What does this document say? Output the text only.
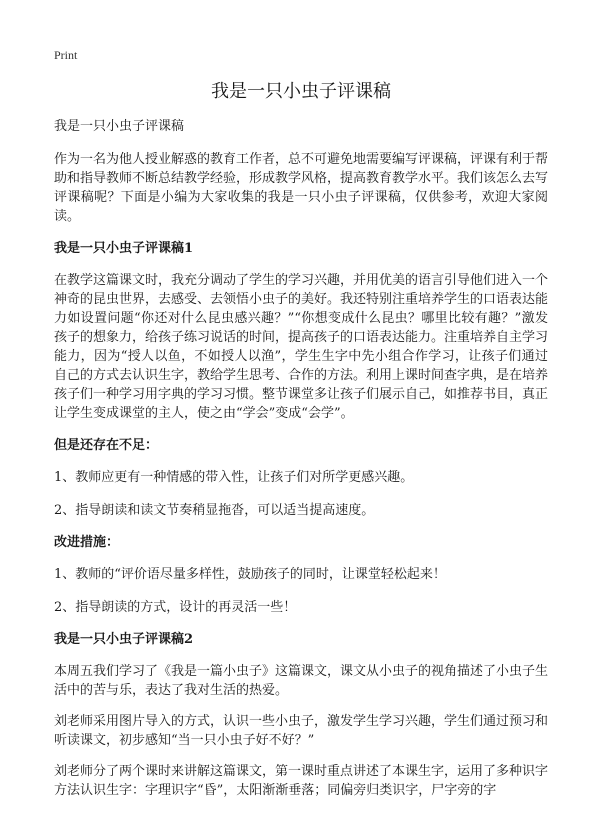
Print
我是一只小虫子评课稿
我是一只小虫子评课稿

作为一名为他人授业解惑的教育工作者，总不可避免地需要编写评课稿，评课有利于帮助和指导教师不断总结教学经验，形成教学风格，提高教育教学水平。我们该怎么去写评课稿呢？下面是小编为大家收集的我是一只小虫子评课稿，仅供参考，欢迎大家阅读。

我是一只小虫子评课稿1

在教学这篇课文时，我充分调动了学生的学习兴趣，并用优美的语言引导他们进入一个神奇的昆虫世界，去感受、去领悟小虫子的美好。我还特别注重培养学生的口语表达能力如设置问题“你还对什么昆虫感兴趣？”“你想变成什么昆虫？哪里比较有趣？”激发孩子的想象力，给孩子练习说话的时间，提高孩子的口语表达能力。注重培养自主学习能力，因为“授人以鱼，不如授人以渔”，学生生字中先小组合作学习，让孩子们通过自己的方式去认识生字，教给学生思考、合作的方法。利用上课时间查字典，是在培养孩子们一种学习用字典的学习习惯。整节课堂多让孩子们展示自己，如推荐书目，真正让学生变成课堂的主人，使之由“学会”变成“会学”。

但是还存在不足：

1、教师应更有一种情感的带入性，让孩子们对所学更感兴趣。

2、指导朗读和读文节奏稍显拖沓，可以适当提高速度。

改进措施：

1、教师的“评价语尽量多样性，鼓励孩子的同时，让课堂轻松起来！

2、指导朗读的方式，设计的再灵活一些！

我是一只小虫子评课稿2

本周五我们学习了《我是一篇小虫子》这篇课文，课文从小虫子的视角描述了小虫子生活中的苦与乐，表达了我对生活的热爱。

刘老师采用图片导入的方式，认识一些小虫子，激发学生学习兴趣，学生们通过预习和听读课文，初步感知“当一只小虫子好不好？”

刘老师分了两个课时来讲解这篇课文，第一课时重点讲述了本课生字，运用了多种识字方法认识生字：字理识字“昏”，太阳渐渐垂落；同偏旁归类识字，尸字旁的字
